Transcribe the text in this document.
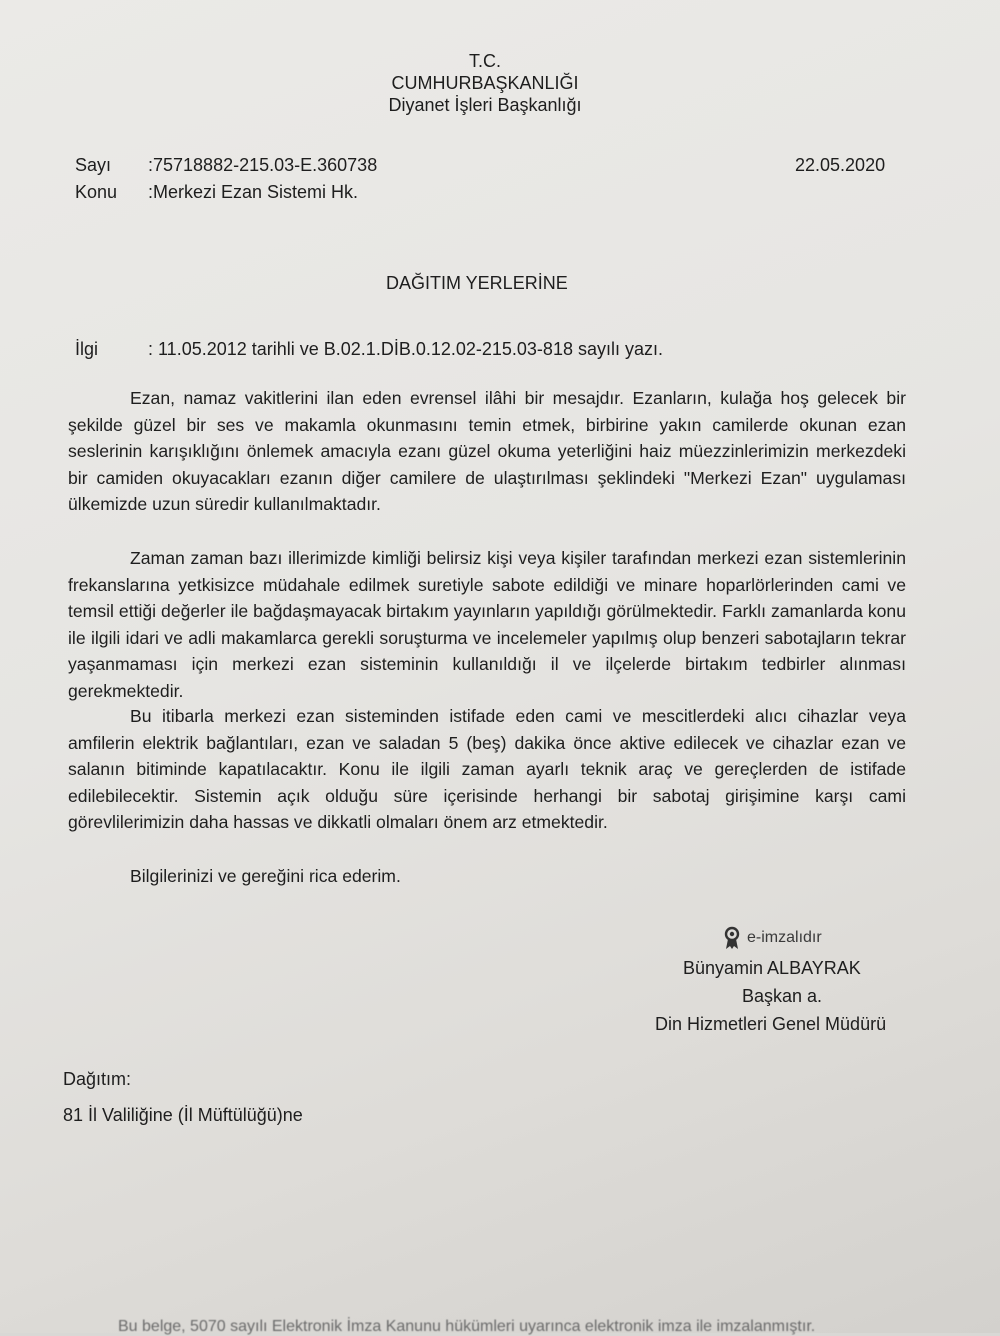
T.C.
CUMHURBAŞKANLIĞI
Diyanet İşleri Başkanlığı
Sayı :75718882-215.03-E.360738	22.05.2020
Konu :Merkezi Ezan Sistemi Hk.
DAĞITIM YERLERİNE
İlgi	: 11.05.2012 tarihli ve B.02.1.DİB.0.12.02-215.03-818 sayılı yazı.

Ezan, namaz vakitlerini ilan eden evrensel ilâhi bir mesajdır. Ezanların, kulağa hoş gelecek bir şekilde güzel bir ses ve makamla okunmasını temin etmek, birbirine yakın camilerde okunan ezan seslerinin karışıklığını önlemek amacıyla ezanı güzel okuma yeterliğini haiz müezzinlerimizin merkezdeki bir camiden okuyacakları ezanın diğer camilere de ulaştırılması şeklindeki "Merkezi Ezan" uygulaması ülkemizde uzun süredir kullanılmaktadır.

Zaman zaman bazı illerimizde kimliği belirsiz kişi veya kişiler tarafından merkezi ezan sistemlerinin frekanslarına yetkisizce müdahale edilmek suretiyle sabote edildiği ve minare hoparlörlerinden cami ve temsil ettiği değerler ile bağdaşmayacak birtakım yayınların yapıldığı görülmektedir. Farklı zamanlarda konu ile ilgili idari ve adli makamlarca gerekli soruşturma ve incelemeler yapılmış olup benzeri sabotajların tekrar yaşanmaması için merkezi ezan sisteminin kullanıldığı il ve ilçelerde birtakım tedbirler alınması gerekmektedir.

Bu itibarla merkezi ezan sisteminden istifade eden cami ve mescitlerdeki alıcı cihazlar veya amfilerin elektrik bağlantıları, ezan ve saladan 5 (beş) dakika önce aktive edilecek ve cihazlar ezan ve salanın bitiminde kapatılacaktır. Konu ile ilgili zaman ayarlı teknik araç ve gereçlerden de istifade edilebilecektir. Sistemin açık olduğu süre içerisinde herhangi bir sabotaj girişimine karşı cami görevlilerimizin daha hassas ve dikkatli olmaları önem arz etmektedir.

Bilgilerinizi ve gereğini rica ederim.

e-imzalıdır
Bünyamin ALBAYRAK
Başkan a.
Din Hizmetleri Genel Müdürü
Dağıtım:
81 İl Valiliğine (İl Müftülüğü)ne
Bu belge, 5070 sayılı Elektronik İmza Kanunu hükümleri uyarınca elektronik imza ile imzalanmıştır.
